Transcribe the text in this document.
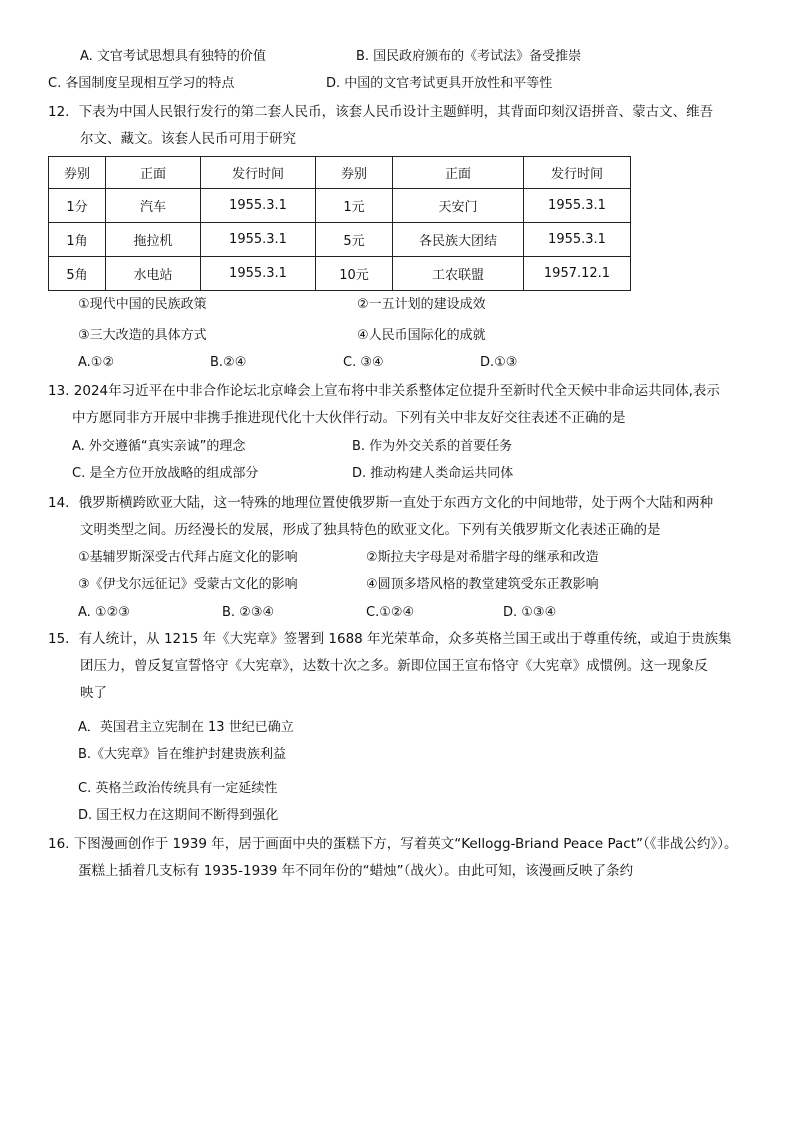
A. 文官考试思想具有独特的价值	B. 国民政府颁布的《考试法》备受推崇
C. 各国制度呈现相互学习的特点	D. 中国的文官考试更具开放性和平等性
12．下表为中国人民银行发行的第二套人民币，该套人民币设计主题鲜明，其背面印刻汉语拼音、蒙古文、维吾
尔文、藏文。该套人民币可用于研究
券别	正面	发行时间	券别	正面	发行时间
1分	汽车	1955.3.1	1元	天安门	1955.3.1
1角	拖拉机	1955.3.1	5元	各民族大团结	1955.3.1
5角	水电站	1955.3.1	10元	工农联盟	1957.12.1
①现代中国的民族政策	②一五计划的建设成效
③三大改造的具体方式	④人民币国际化的成就
A.①②	B.②④	C. ③④	D.①③
13. 2024年习近平在中非合作论坛北京峰会上宣布将中非关系整体定位提升至新时代全天候中非命运共同体,表示
中方愿同非方开展中非携手推进现代化十大伙伴行动。下列有关中非友好交往表述不正确的是
A. 外交遵循“真实亲诚”的理念	B. 作为外交关系的首要任务
C. 是全方位开放战略的组成部分	D. 推动构建人类命运共同体
14．俄罗斯横跨欧亚大陆，这一特殊的地理位置使俄罗斯一直处于东西方文化的中间地带，处于两个大陆和两种
文明类型之间。历经漫长的发展，形成了独具特色的欧亚文化。下列有关俄罗斯文化表述正确的是
①基辅罗斯深受古代拜占庭文化的影响	②斯拉夫字母是对希腊字母的继承和改造
③《伊戈尔远征记》受蒙古文化的影响	④圆顶多塔风格的教堂建筑受东正教影响
A. ①②③	B. ②③④	C.①②④	D. ①③④
15．有人统计，从 1215 年《大宪章》签署到 1688 年光荣革命，众多英格兰国王或出于尊重传统，或迫于贵族集
团压力，曾反复宣誓恪守《大宪章》，达数十次之多。新即位国王宣布恪守《大宪章》成惯例。这一现象反
映了
A．英国君主立宪制在 13 世纪已确立
B.《大宪章》旨在维护封建贵族利益
C. 英格兰政治传统具有一定延续性
D. 国王权力在这期间不断得到强化
16. 下图漫画创作于 1939 年，居于画面中央的蛋糕下方，写着英文“Kellogg-Briand Peace Pact”（《非战公约》）。
蛋糕上插着几支标有 1935-1939 年不同年份的“蜡烛”（战火）。由此可知，该漫画反映了条约
